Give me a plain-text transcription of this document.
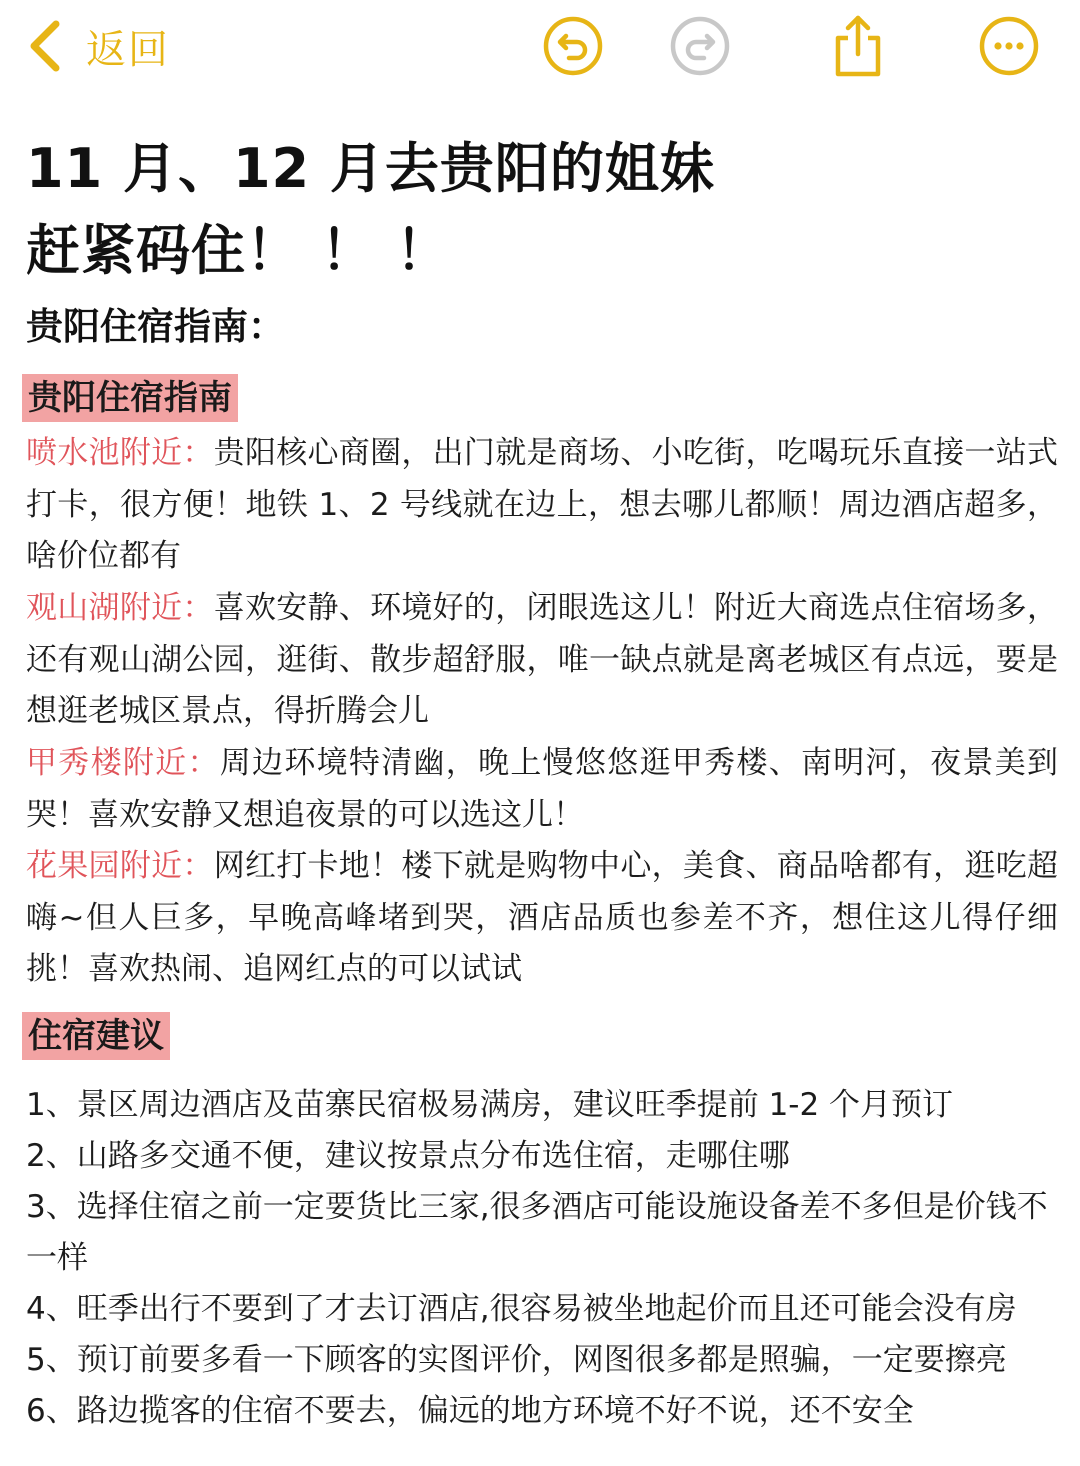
返回
11 月、12 月去贵阳的姐妹
赶紧码住！ ！ ！
贵阳住宿指南：
贵阳住宿指南
喷水池附近：贵阳核心商圈，出门就是商场、小吃街，吃喝玩乐直接一站式打卡，很方便！地铁 1、2 号线就在边上，想去哪儿都顺！周边酒店超多，啥价位都有
观山湖附近：喜欢安静、环境好的，闭眼选这儿！附近大商选点住宿场多，还有观山湖公园，逛街、散步超舒服，唯一缺点就是离老城区有点远，要是想逛老城区景点，得折腾会儿
甲秀楼附近：周边环境特清幽，晚上慢悠悠逛甲秀楼、南明河，夜景美到哭！喜欢安静又想追夜景的可以选这儿！
花果园附近：网红打卡地！楼下就是购物中心，美食、商品啥都有，逛吃超嗨~但人巨多，早晚高峰堵到哭，酒店品质也参差不齐，想住这儿得仔细挑！喜欢热闹、追网红点的可以试试
住宿建议
1、景区周边酒店及苗寨民宿极易满房，建议旺季提前 1-2 个月预订
2、山路多交通不便，建议按景点分布选住宿，走哪住哪
3、选择住宿之前一定要货比三家,很多酒店可能设施设备差不多但是价钱不一样
4、旺季出行不要到了才去订酒店,很容易被坐地起价而且还可能会没有房
5、预订前要多看一下顾客的实图评价，网图很多都是照骗，一定要擦亮
6、路边揽客的住宿不要去，偏远的地方环境不好不说，还不安全
